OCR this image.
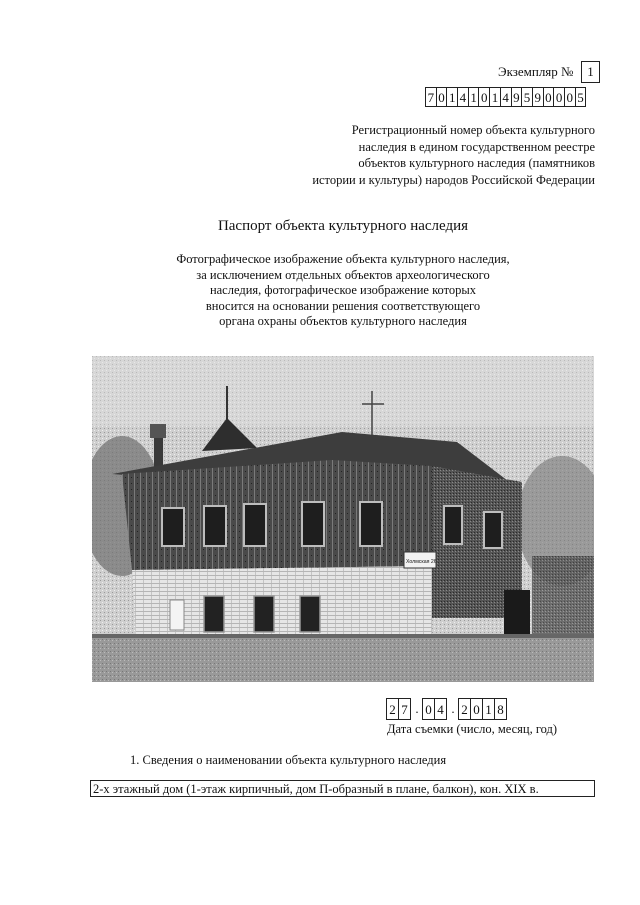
Экземпляр №	1
7 0 1 4 1 0 1 4 9 5 9 0 0 0 5
Регистрационный номер объекта культурного
наследия в едином государственном реестре
объектов культурного наследия (памятников
истории и культуры) народов Российской Федерации
Паспорт объекта культурного наследия
Фотографическое изображение объекта культурного наследия,
за исключением отдельных объектов археологического
наследия, фотографическое изображение которых
вносится на основании решения соответствующего
органа охраны объектов культурного наследия
Холмская 26
2 7 . 0 4 . 2 0 1 8
Дата съемки (число, месяц, год)
1. Сведения о наименовании объекта культурного наследия
2-х этажный дом (1-этаж кирпичный, дом П-образный в плане, балкон), кон. XIX в.
